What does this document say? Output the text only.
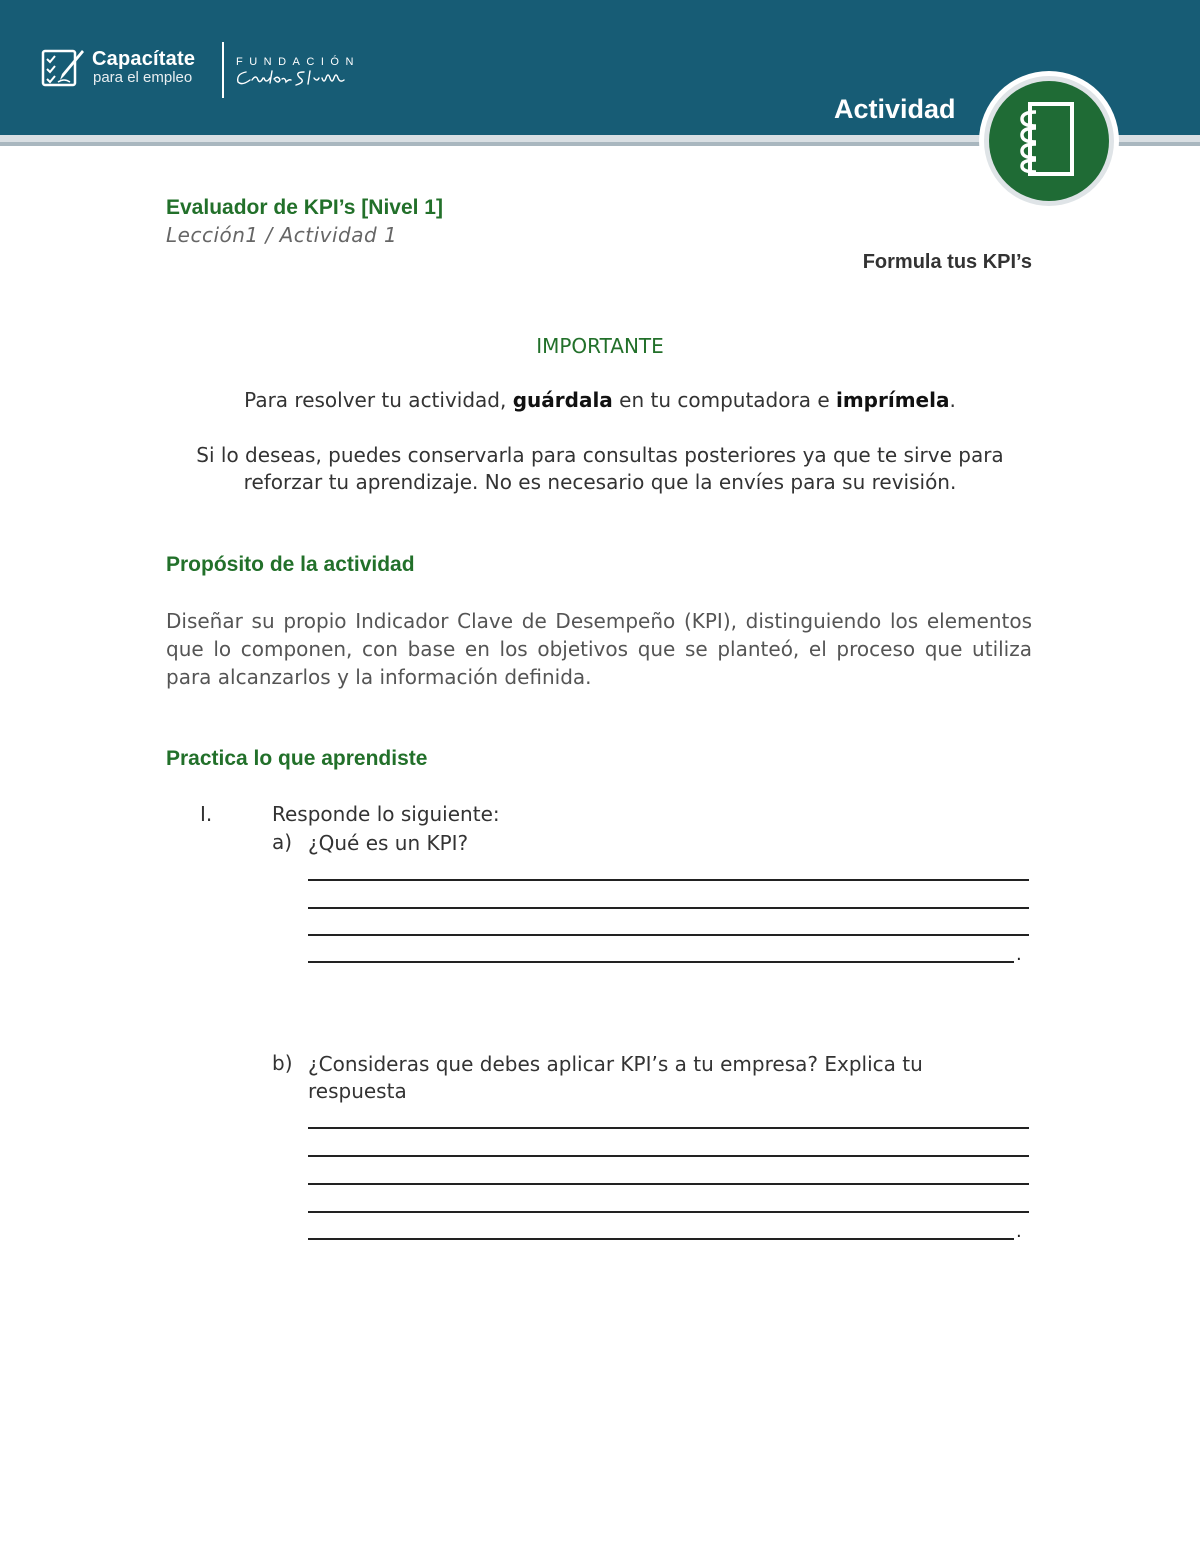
Capacítate
para el empleo
FUNDACIÓN
Actividad
Evaluador de KPI’s [Nivel 1]
Lección1 / Actividad 1
Formula tus KPI’s
IMPORTANTE

Para resolver tu actividad, guárdala en tu computadora e imprímela.

Si lo deseas, puedes conservarla para consultas posteriores ya que te sirve para reforzar tu aprendizaje. No es necesario que la envíes para su revisión.

Propósito de la actividad

Diseñar su propio Indicador Clave de Desempeño (KPI), distinguiendo los elementos que lo componen, con base en los objetivos que se planteó, el proceso que utiliza para alcanzarlos y la información definida.

Practica lo que aprendiste
I.	Responde lo siguiente:
a) ¿Qué es un KPI?
.
b) ¿Consideras que debes aplicar KPI’s a tu empresa? Explica tu respuesta

.
